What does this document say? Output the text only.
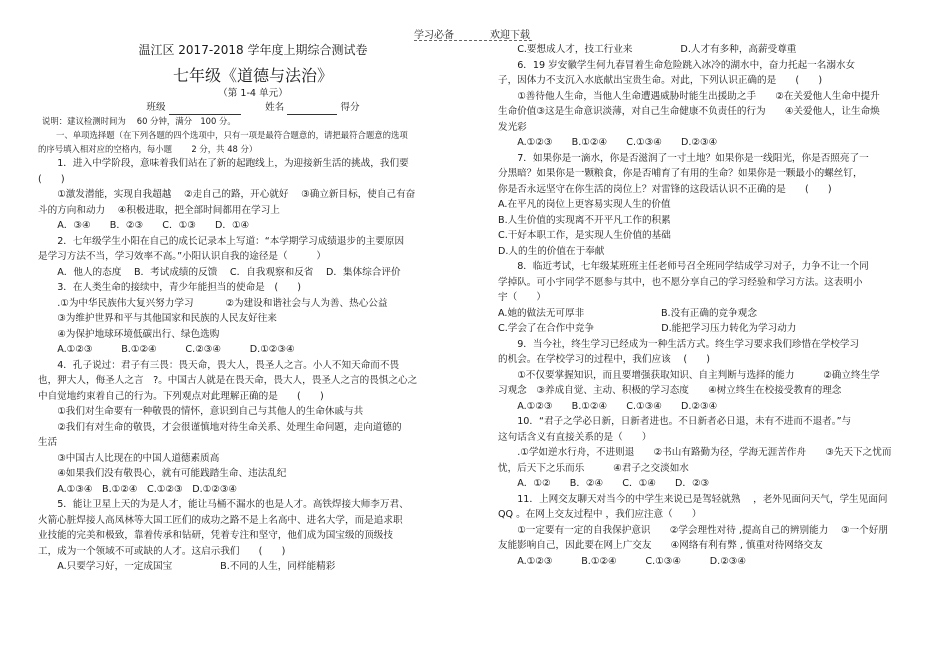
学习必备	欢迎下载
温江区 2017-2018 学年度上期综合测试卷
七年级《道德与法治》
（第 1-4 单元）
班级	姓名	得分
说明：建议检测时间为　 60 分钟，满分　100 分。
一、单项选择题（在下列各题的四个选项中，只有一项是最符合题意的，请把最符合题意的选项
的序号填入相对应的空格内，每小题　　 2 分，共 48 分）

1．进入中学阶段，意味着我们站在了新的起跑线上，为迎接新生活的挑战，我们要

(　　)

①激发潜能，实现自我超越　 ②走自己的路，开心就好　 ③确立新目标，使自己有奋

斗的方向和动力　 ④积极进取，把全部时间都用在学习上

A．③④　　B．②③　　C．①③　　D．①④

2．七年级学生小阳在自己的成长记录本上写道：“本学期学习成绩退步的主要原因

是学习方法不当，学习效率不高。”小阳认识自我的途径是（　　　）

A．他人的态度　 B．考试成绩的反馈　 C．自我观察和反省　 D．集体综合评价

3．在人类生命的接续中，青少年能担当的使命是　(　　)

.①为中华民族伟大复兴努力学习　　　 ②为建设和谐社会与人为善、热心公益

③为维护世界和平与其他国家和民族的人民友好往来

④为保护地球环境低碳出行、绿色选购

A.①②③　　　B.①②④　　　C.②③④　　　D.①②③④

4．孔子说过：君子有三畏：畏天命，畏大人，畏圣人之言。小人不知天命而不畏

也，狎大人，侮圣人之言　?。中国古人就是在畏天命，畏大人，畏圣人之言的畏惧之心之

中自觉地约束着自己的行为。下列观点对此理解正确的是　　(　　)

①我们对生命要有一种敬畏的情怀，意识到自己与其他人的生命休戚与共

②我们有对生命的敬畏，才会很谨慎地对待生命关系、处理生命问题，走向道德的

生活

③中国古人比现在的中国人道德素质高

④如果我们没有敬畏心，就有可能践踏生命、违法乱纪

A.①③④　B.①②④　C.①②③　D.①②③④

5．能让卫星上天的为是人才，能让马桶不漏水的也是人才。高铁焊接大师李万君、

火箭心脏焊接人高凤林等大国工匠们的成功之路不是上名高中、进名大学，而是追求职

业技能的完美和极致，靠着传承和钻研，凭着专注和坚守，他们成为国宝级的顶级技

工，成为一个领域不可或缺的人才。这启示我们　　(　　)

A.只要学习好，一定成国宝　　　　　B.不同的人生，同样能精彩

C.要想成人才，技工行业来　　　　　D.人才有多种，高薪受尊重

6．19 岁安徽学生何九春冒着生命危险跳入冰冷的湖水中，奋力托起一名溺水女

子，因体力不支沉入水底献出宝贵生命。对此，下列认识正确的是　　(　　)

①善待他人生命，当他人生命遭遇威胁时能生出援助之手　　②在关爱他人生命中提升

生命价值③这是生命意识淡薄，对自己生命健康不负责任的行为　　④关爱他人，让生命焕

发光彩

A.①②③　　B.①②④　　C.①③④　　D.②③④

7．如果你是一滴水，你是否滋润了一寸土地？如果你是一线阳光，你是否照亮了一

分黑暗？如果你是一颗粮食，你是否哺育了有用的生命？如果你是一颗最小的螺丝钉，

你是否永远坚守在你生活的岗位上？对雷锋的这段话认识不正确的是　　(　　)

A.在平凡的岗位上更容易实现人生的价值

B.人生价值的实现离不开平凡工作的积累

C.干好本职工作，是实现人生价值的基础

D.人的生的价值在于奉献

8．临近考试，七年级某班班主任老师号召全班同学结成学习对子，力争不让一个同

学掉队。可小宇同学不愿参与其中，也不愿分享自己的学习经验和学习方法。这表明小

宇（　　）

A.她的做法无可厚非　　　　　　　　B.没有正确的竞争观念

C.学会了在合作中竞争　　　　　　　D.能把学习压力转化为学习动力

9．当今社，终生学习已经成为一种生活方式。终生学习要求我们珍惜在学校学习

的机会。在学校学习的过程中，我们应该　 (　　)

①不仅要掌握知识，而且要增强获取知识、自主判断与选择的能力　　　②确立终生学

习观念　③养成自觉、主动、积极的学习态度　　④树立终生在校接受教育的理念

A.①②③　　B.①②④　　C.①③④　　D.②③④

10．“君子之学必日新，日新者进也。不日新者必日退，未有不进而不退者。”与

这句话含义有直接关系的是（　　）

.①学如逆水行舟，不进则退　　②书山有路勤为径，学海无涯苦作舟　　③先天下之忧而

忧，后天下之乐而乐　　　④君子之交淡如水

A．①②　　B．②④　　C．①④　　D．②③

11．上网交友聊天对当今的中学生来说已是驾轻就熟　 ，老外见面问天气，学生见面问

QQ 。在网上交友过程中 ，我们应注意（　　）

①一定要有一定的自我保护意识　　②学会理性对待 ,提高自己的辨别能力　 ③一个好朋

友能影响自己，因此要在网上广交友　　④网络有利有弊 , 慎重对待网络交友

A.①②③　　　B.①②④　　　C.①③④　　　D.②③④
